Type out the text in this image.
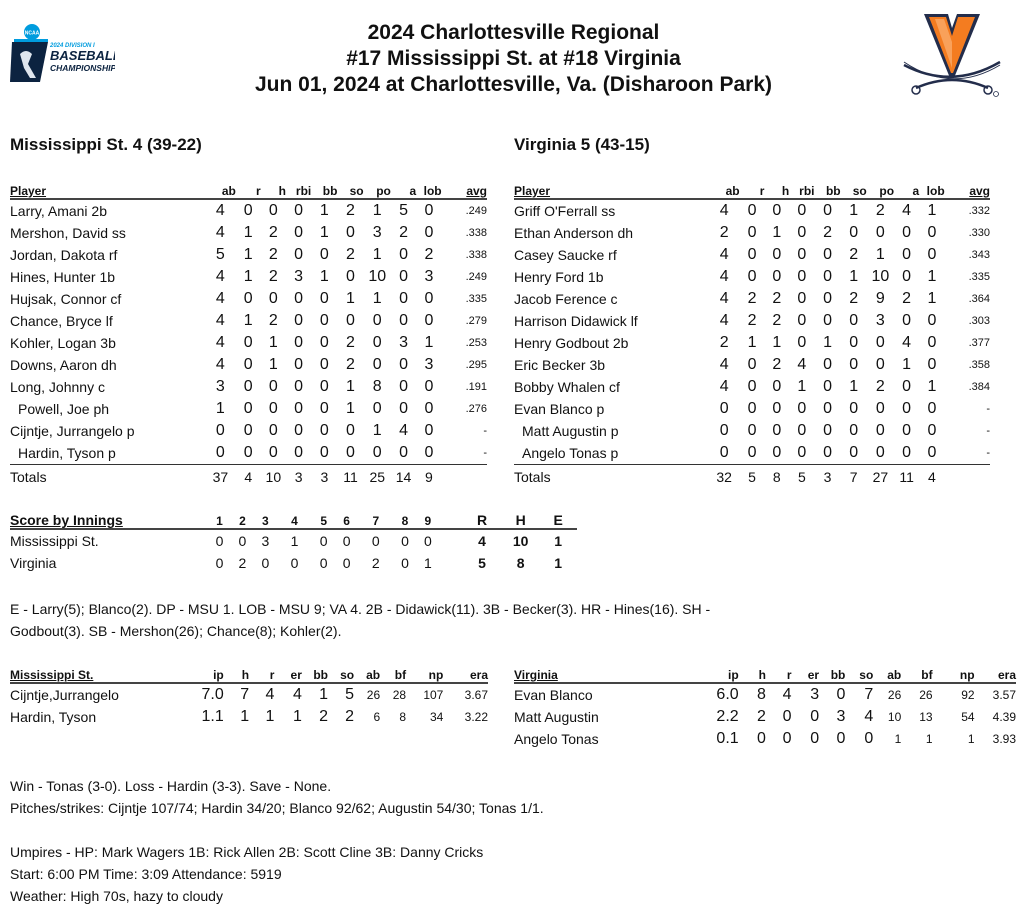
NCAA
2024 DIVISION I
BASEBALL
CHAMPIONSHIP
2024 Charlottesville Regional
#17 Mississippi St. at #18 Virginia
Jun 01, 2024 at Charlottesville, Va. (Disharoon Park)
Mississippi St. 4 (39-22)	Virginia 5 (43-15)
Player	ab	r	h	rbi	bb	so	po	a	lob	avg
Larry, Amani 2b	4	0	0	0	1	2	1	5	0	.249
Mershon, David ss	4	1	2	0	1	0	3	2	0	.338
Jordan, Dakota rf	5	1	2	0	0	2	1	0	2	.338
Hines, Hunter 1b	4	1	2	3	1	0	10	0	3	.249
Hujsak, Connor cf	4	0	0	0	0	1	1	0	0	.335
Chance, Bryce lf	4	1	2	0	0	0	0	0	0	.279
Kohler, Logan 3b	4	0	1	0	0	2	0	3	1	.253
Downs, Aaron dh	4	0	1	0	0	2	0	0	3	.295
Long, Johnny c	3	0	0	0	0	1	8	0	0	.191
Powell, Joe ph	1	0	0	0	0	1	0	0	0	.276
Cijntje, Jurrangelo p	0	0	0	0	0	0	1	4	0	-
Hardin, Tyson p	0	0	0	0	0	0	0	0	0	-
Totals	37	4	10	3	3	11	25	14	9	
Player	ab	r	h	rbi	bb	so	po	a	lob	avg
Griff O'Ferrall ss	4	0	0	0	0	1	2	4	1	.332
Ethan Anderson dh	2	0	1	0	2	0	0	0	0	.330
Casey Saucke rf	4	0	0	0	0	2	1	0	0	.343
Henry Ford 1b	4	0	0	0	0	1	10	0	1	.335
Jacob Ference c	4	2	2	0	0	2	9	2	1	.364
Harrison Didawick lf	4	2	2	0	0	0	3	0	0	.303
Henry Godbout 2b	2	1	1	0	1	0	0	4	0	.377
Eric Becker 3b	4	0	2	4	0	0	0	1	0	.358
Bobby Whalen cf	4	0	0	1	0	1	2	0	1	.384
Evan Blanco p	0	0	0	0	0	0	0	0	0	-
Matt Augustin p	0	0	0	0	0	0	0	0	0	-
Angelo Tonas p	0	0	0	0	0	0	0	0	0	-
Totals	32	5	8	5	3	7	27	11	4	
Score by Innings	1	2	3	4	5	6	7	8	9		R	H	E
Mississippi St.	0	0	3	1	0	0	0	0	0		4	10	1
Virginia	0	2	0	0	0	0	2	0	1		5	8	1
E - Larry(5); Blanco(2). DP - MSU 1. LOB - MSU 9; VA 4. 2B - Didawick(11). 3B - Becker(3). HR - Hines(16). SH -
Godbout(3). SB - Mershon(26); Chance(8); Kohler(2).
Mississippi St.	ip	h	r	er	bb	so	ab	bf	np	era
Cijntje,Jurrangelo	7.0	7	4	4	1	5	26	28	107	3.67
Hardin, Tyson	1.1	1	1	1	2	2	6	8	34	3.22
Virginia	ip	h	r	er	bb	so	ab	bf	np	era
Evan Blanco	6.0	8	4	3	0	7	26	26	92	3.57
Matt Augustin	2.2	2	0	0	3	4	10	13	54	4.39
Angelo Tonas	0.1	0	0	0	0	0	1	1	1	3.93
Win - Tonas (3-0). Loss - Hardin (3-3). Save - None.
Pitches/strikes: Cijntje 107/74; Hardin 34/20; Blanco 92/62; Augustin 54/30; Tonas 1/1.
Umpires - HP: Mark Wagers 1B: Rick Allen 2B: Scott Cline 3B: Danny Cricks
Start: 6:00 PM Time: 3:09 Attendance: 5919
Weather: High 70s, hazy to cloudy
